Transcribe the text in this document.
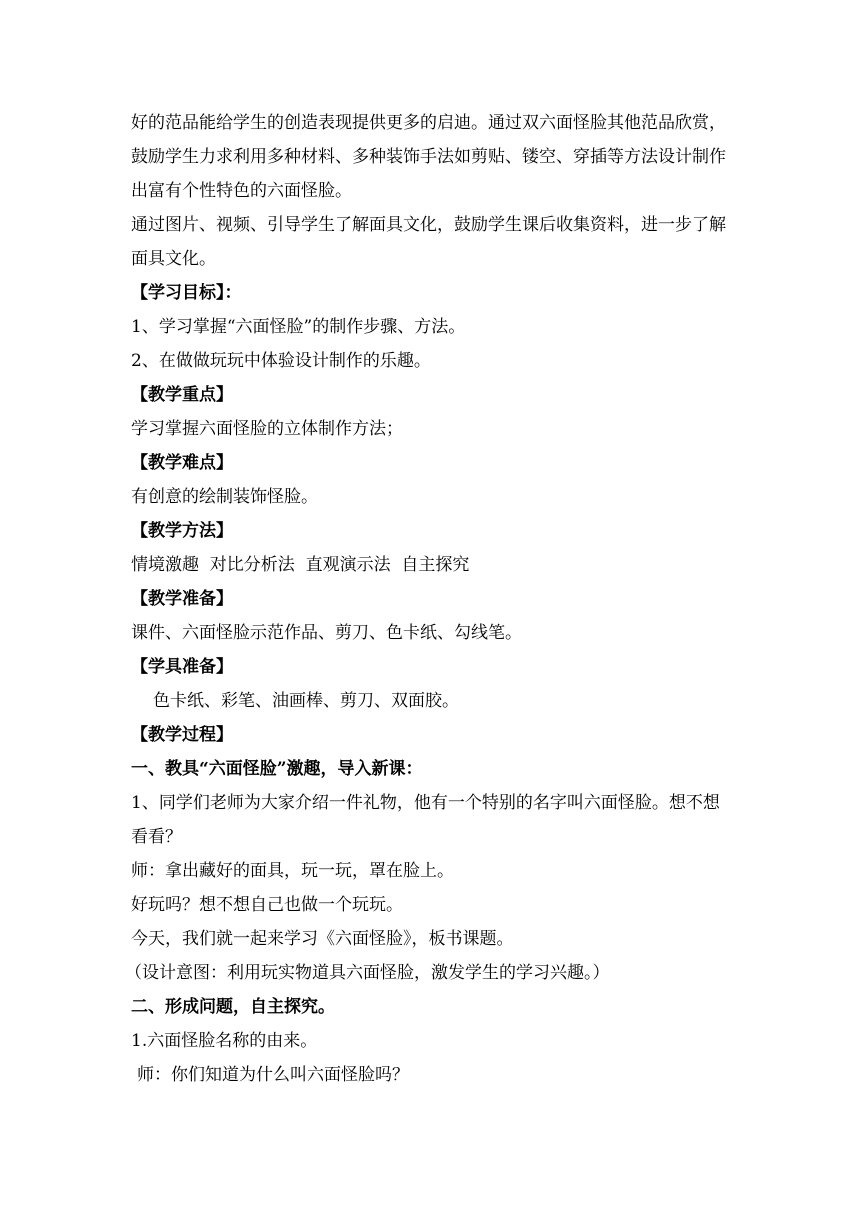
好的范品能给学生的创造表现提供更多的启迪。通过双六面怪脸其他范品欣赏，
鼓励学生力求利用多种材料、多种装饰手法如剪贴、镂空、穿插等方法设计制作
出富有个性特色的六面怪脸。
通过图片、视频、引导学生了解面具文化，鼓励学生课后收集资料，进一步了解
面具文化。
【学习目标】：
1、学习掌握“六面怪脸”的制作步骤、方法。
2、在做做玩玩中体验设计制作的乐趣。
【教学重点】
学习掌握六面怪脸的立体制作方法；
【教学难点】
有创意的绘制装饰怪脸。
【教学方法】
情境激趣  对比分析法  直观演示法  自主探究
【教学准备】
课件、六面怪脸示范作品、剪刀、色卡纸、勾线笔。
【学具准备】
色卡纸、彩笔、油画棒、剪刀、双面胶。
【教学过程】
一、教具“六面怪脸”激趣，导入新课：
1、同学们老师为大家介绍一件礼物，他有一个特别的名字叫六面怪脸。想不想
看看？
师：拿出藏好的面具，玩一玩，罩在脸上。
好玩吗？想不想自己也做一个玩玩。
今天，我们就一起来学习《六面怪脸》，板书课题。
（设计意图：利用玩实物道具六面怪脸，激发学生的学习兴趣。）
二、形成问题，自主探究。
1.六面怪脸名称的由来。
师：你们知道为什么叫六面怪脸吗？
